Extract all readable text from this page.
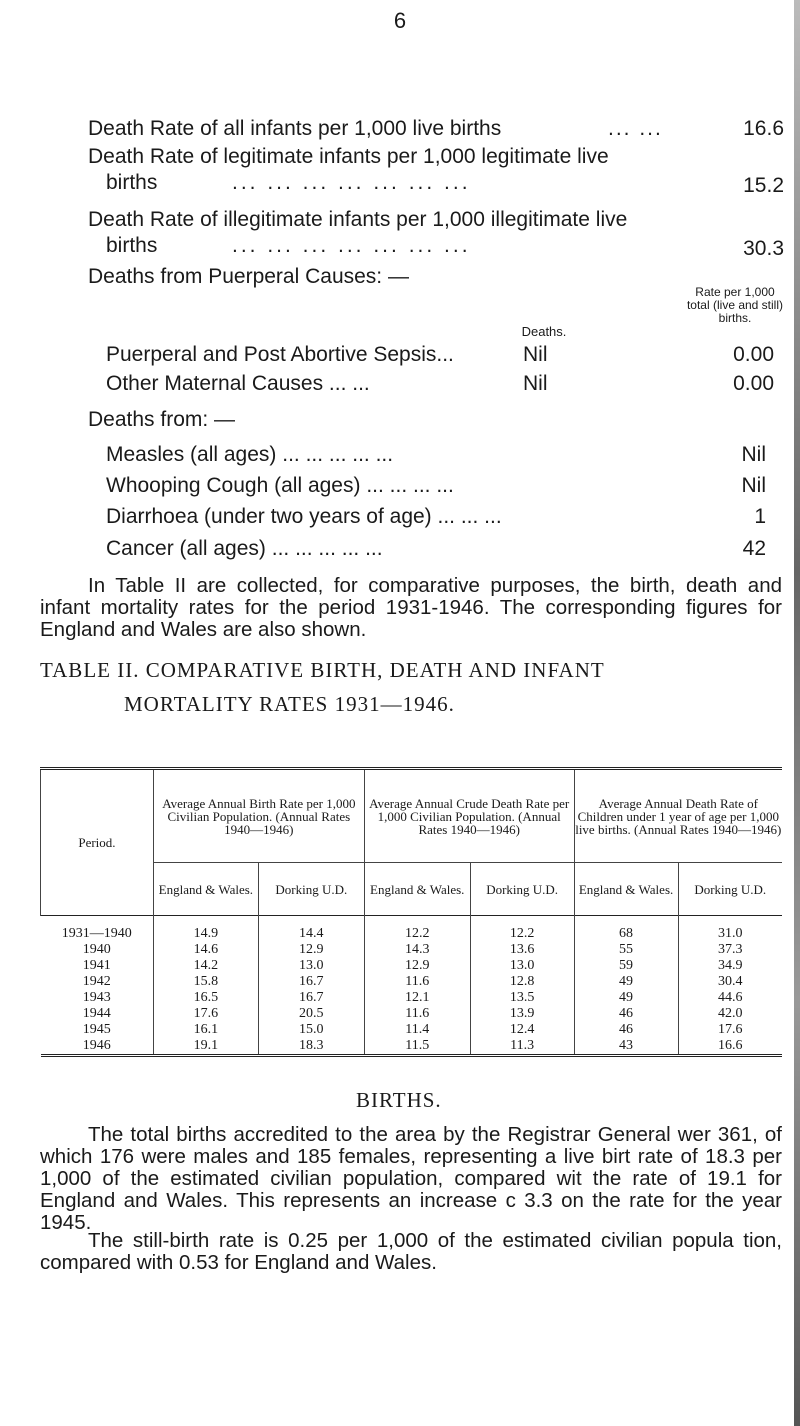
6
Death Rate of all infants per 1,000 live births	... ...	16.6
Death Rate of legitimate infants per 1,000 legitimate live
births	... ... ... ... ... ... ...	15.2
Death Rate of illegitimate infants per 1,000 illegitimate live
births	... ... ... ... ... ... ...	30.3
Deaths from Puerperal Causes: —
Deaths.
Rate per 1,000 total (live and still) births.
Puerperal and Post Abortive Sepsis...	Nil	0.00
Other Maternal Causes ... ...	Nil	0.00
Deaths from: —
Measles (all ages) ... ... ... ... ...	Nil
Whooping Cough (all ages) ... ... ... ...	Nil
Diarrhoea (under two years of age) ... ... ...	1
Cancer (all ages) ... ... ... ... ...	42
In Table II are collected, for comparative purposes, the birth, death and infant mortality rates for the period 1931-1946. The corresponding figures for England and Wales are also shown.
TABLE II. COMPARATIVE BIRTH, DEATH AND INFANT
MORTALITY RATES 1931—1946.
Period.	Average Annual Birth Rate per 1,000 Civilian Population. (Annual Rates 1940—1946)		Average Annual Crude Death Rate per 1,000 Civilian Population. (Annual Rates 1940—1946)		Average Annual Death Rate of Children under 1 year of age per 1,000 live births. (Annual Rates 1940—1946)	
	England & Wales.	Dorking U.D.	England & Wales.	Dorking U.D.	England & Wales.	Dorking U.D.
1931—1940	14.9	14.4	12.2	12.2	68	31.0
1940	14.6	12.9	14.3	13.6	55	37.3
1941	14.2	13.0	12.9	13.0	59	34.9
1942	15.8	16.7	11.6	12.8	49	30.4
1943	16.5	16.7	12.1	13.5	49	44.6
1944	17.6	20.5	11.6	13.9	46	42.0
1945	16.1	15.0	11.4	12.4	46	17.6
1946	19.1	18.3	11.5	11.3	43	16.6
BIRTHS.
The total births accredited to the area by the Registrar General wer 361, of which 176 were males and 185 females, representing a live birt rate of 18.3 per 1,000 of the estimated civilian population, compared wit the rate of 19.1 for England and Wales. This represents an increase c 3.3 on the rate for the year 1945.
The still-birth rate is 0.25 per 1,000 of the estimated civilian popula tion, compared with 0.53 for England and Wales.
